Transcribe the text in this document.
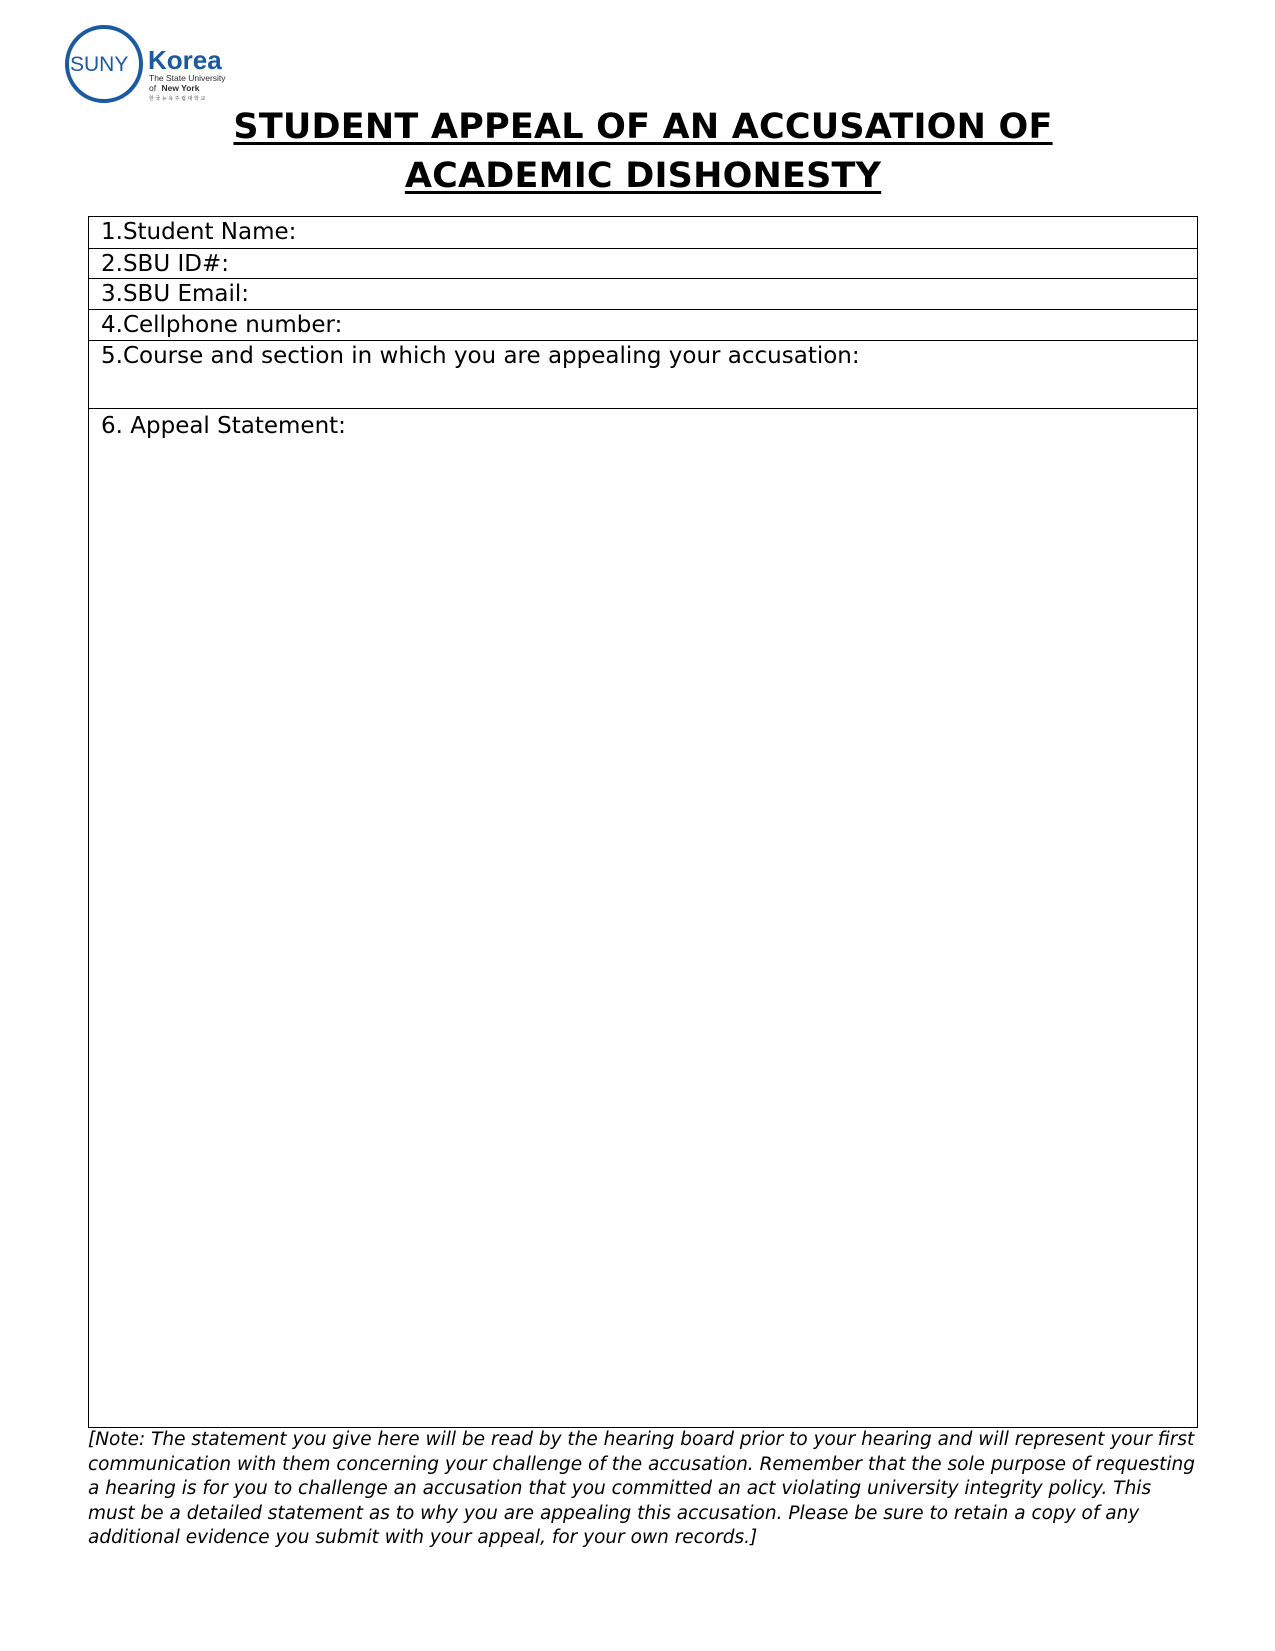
SUNY Korea
The State University
of New York
한 국 뉴 욕 주 립 대 학 교
STUDENT APPEAL OF AN ACCUSATION OF
ACADEMIC DISHONESTY
1.Student Name:
2.SBU ID#:
3.SBU Email:
4.Cellphone number:
5.Course and section in which you are appealing your accusation:
6. Appeal Statement:

[Note: The statement you give here will be read by the hearing board prior to your hearing and will represent your first communication with them concerning your challenge of the accusation. Remember that the sole purpose of requesting a hearing is for you to challenge an accusation that you committed an act violating university integrity policy. This must be a detailed statement as to why you are appealing this accusation. Please be sure to retain a copy of any additional evidence you submit with your appeal, for your own records.]
